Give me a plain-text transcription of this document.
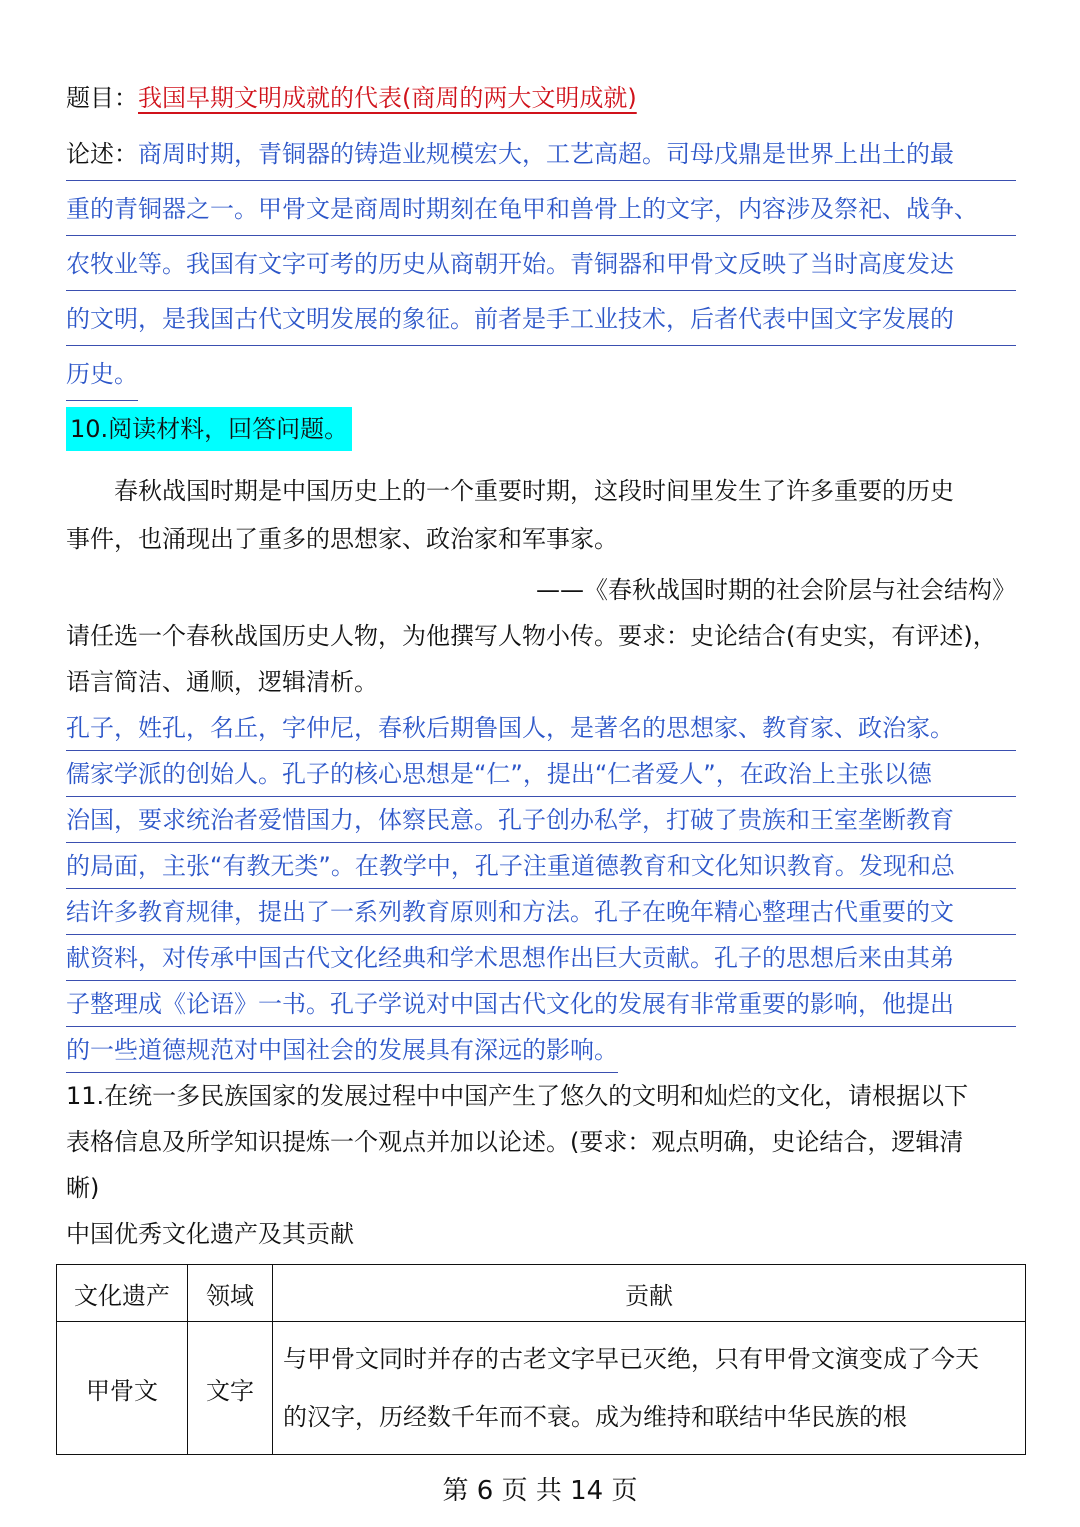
题目：我国早期文明成就的代表(商周的两大文明成就)
论述：商周时期，青铜器的铸造业规模宏大，工艺高超。司母戊鼎是世界上出土的最
重的青铜器之一。甲骨文是商周时期刻在龟甲和兽骨上的文字，内容涉及祭祀、战争、
农牧业等。我国有文字可考的历史从商朝开始。青铜器和甲骨文反映了当时高度发达
的文明，是我国古代文明发展的象征。前者是手工业技术，后者代表中国文字发展的
历史。
10.阅读材料，回答问题。
春秋战国时期是中国历史上的一个重要时期，这段时间里发生了许多重要的历史
事件，也涌现出了重多的思想家、政治家和军事家。
——《春秋战国时期的社会阶层与社会结构》
请任选一个春秋战国历史人物，为他撰写人物小传。要求：史论结合(有史实，有评述)，
语言简洁、通顺，逻辑清析。
孔子，姓孔，名丘，字仲尼，春秋后期鲁国人，是著名的思想家、教育家、政治家。
儒家学派的创始人。孔子的核心思想是“仁”，提出“仁者爱人”，在政治上主张以德
治国，要求统治者爱惜国力，体察民意。孔子创办私学，打破了贵族和王室垄断教育
的局面，主张“有教无类”。在教学中，孔子注重道德教育和文化知识教育。发现和总
结许多教育规律，提出了一系列教育原则和方法。孔子在晚年精心整理古代重要的文
献资料，对传承中国古代文化经典和学术思想作出巨大贡献。孔子的思想后来由其弟
子整理成《论语》一书。孔子学说对中国古代文化的发展有非常重要的影响，他提出
的一些道德规范对中国社会的发展具有深远的影响。
11.在统一多民族国家的发展过程中中国产生了悠久的文明和灿烂的文化，请根据以下
表格信息及所学知识提炼一个观点并加以论述。(要求：观点明确，史论结合，逻辑清
晰)
中国优秀文化遗产及其贡献
文化遗产	领域	贡献
甲骨文	文字	与甲骨文同时并存的古老文字早已灭绝，只有甲骨文演变成了今天
的汉字，历经数千年而不衰。成为维持和联结中华民族的根
第 6 页 共 14 页
